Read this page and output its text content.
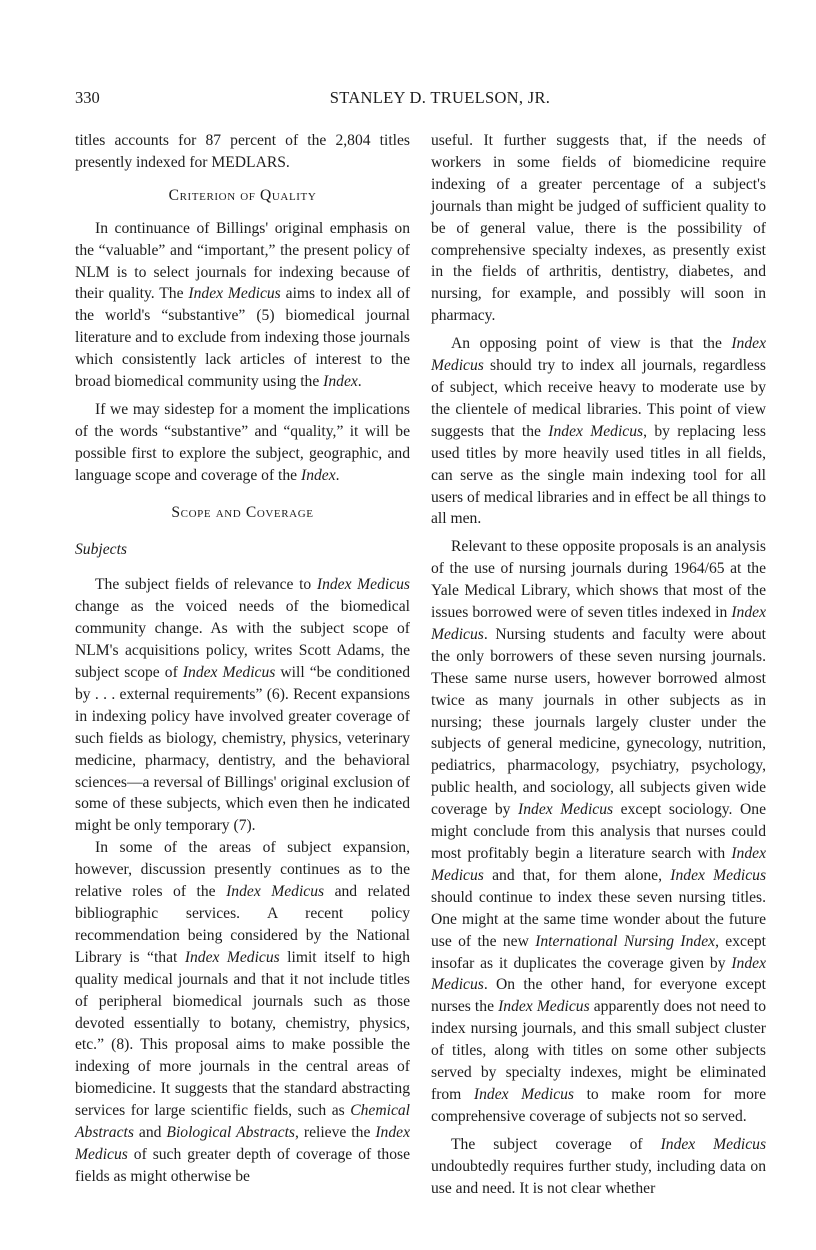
330	STANLEY D. TRUELSON, JR.

titles accounts for 87 percent of the 2,804 titles presently indexed for MEDLARS.

Criterion of Quality

In continuance of Billings' original emphasis on the “valuable” and “important,” the present policy of NLM is to select journals for indexing because of their quality. The Index Medicus aims to index all of the world's “substantive” (5) biomedical journal literature and to exclude from indexing those journals which consistently lack articles of interest to the broad biomedical community using the Index.

If we may sidestep for a moment the implications of the words “substantive” and “quality,” it will be possible first to explore the subject, geographic, and language scope and coverage of the Index.

Scope and Coverage

Subjects

The subject fields of relevance to Index Medicus change as the voiced needs of the biomedical community change. As with the subject scope of NLM's acquisitions policy, writes Scott Adams, the subject scope of Index Medicus will “be conditioned by . . . external requirements” (6). Recent expansions in indexing policy have involved greater coverage of such fields as biology, chemistry, physics, veterinary medicine, pharmacy, dentistry, and the behavioral sciences—a reversal of Billings' original exclusion of some of these subjects, which even then he indicated might be only temporary (7).

In some of the areas of subject expansion, however, discussion presently continues as to the relative roles of the Index Medicus and related bibliographic services. A recent policy recommendation being considered by the National Library is “that Index Medicus limit itself to high quality medical journals and that it not include titles of peripheral biomedical journals such as those devoted essentially to botany, chemistry, physics, etc.” (8). This proposal aims to make possible the indexing of more journals in the central areas of biomedicine. It suggests that the standard abstracting services for large scientific fields, such as Chemical Abstracts and Biological Abstracts, relieve the Index Medicus of such greater depth of coverage of those fields as might otherwise be

useful. It further suggests that, if the needs of workers in some fields of biomedicine require indexing of a greater percentage of a subject's journals than might be judged of sufficient quality to be of general value, there is the possibility of comprehensive specialty indexes, as presently exist in the fields of arthritis, dentistry, diabetes, and nursing, for example, and possibly will soon in pharmacy.

An opposing point of view is that the Index Medicus should try to index all journals, regardless of subject, which receive heavy to moderate use by the clientele of medical libraries. This point of view suggests that the Index Medicus, by replacing less used titles by more heavily used titles in all fields, can serve as the single main indexing tool for all users of medical libraries and in effect be all things to all men.

Relevant to these opposite proposals is an analysis of the use of nursing journals during 1964/65 at the Yale Medical Library, which shows that most of the issues borrowed were of seven titles indexed in Index Medicus. Nursing students and faculty were about the only borrowers of these seven nursing journals. These same nurse users, however borrowed almost twice as many journals in other subjects as in nursing; these journals largely cluster under the subjects of general medicine, gynecology, nutrition, pediatrics, pharmacology, psychiatry, psychology, public health, and sociology, all subjects given wide coverage by Index Medicus except sociology. One might conclude from this analysis that nurses could most profitably begin a literature search with Index Medicus and that, for them alone, Index Medicus should continue to index these seven nursing titles. One might at the same time wonder about the future use of the new International Nursing Index, except insofar as it duplicates the coverage given by Index Medicus. On the other hand, for everyone except nurses the Index Medicus apparently does not need to index nursing journals, and this small subject cluster of titles, along with titles on some other subjects served by specialty indexes, might be eliminated from Index Medicus to make room for more comprehensive coverage of subjects not so served.

The subject coverage of Index Medicus undoubtedly requires further study, including data on use and need. It is not clear whether
